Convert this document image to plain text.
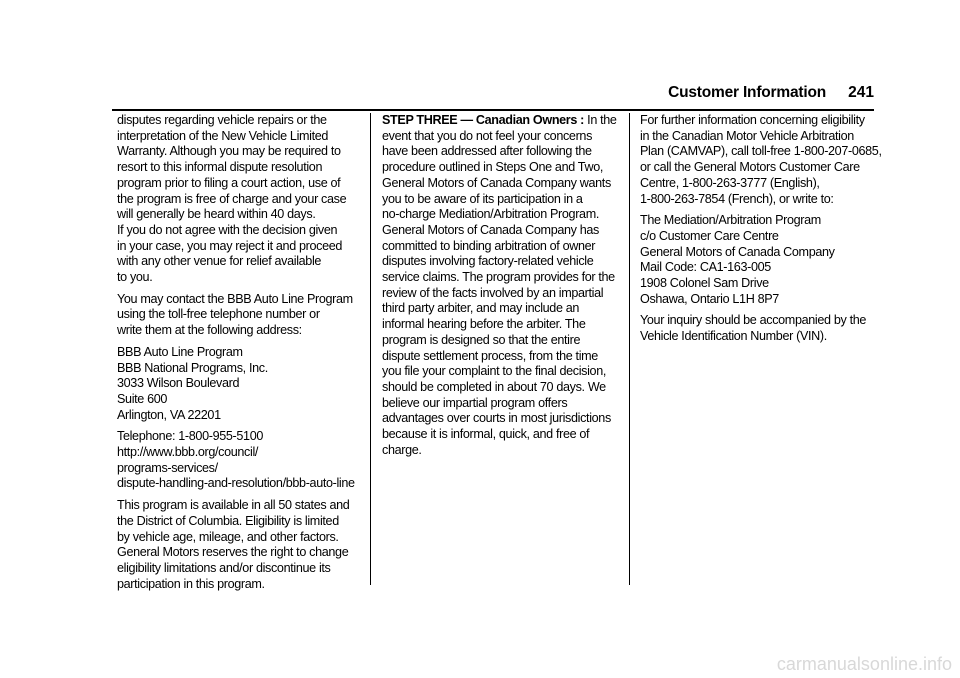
Customer Information 241

disputes regarding vehicle repairs or the
interpretation of the New Vehicle Limited
Warranty. Although you may be required to
resort to this informal dispute resolution
program prior to filing a court action, use of
the program is free of charge and your case
will generally be heard within 40 days.
If you do not agree with the decision given
in your case, you may reject it and proceed
with any other venue for relief available
to you.

You may contact the BBB Auto Line Program
using the toll-free telephone number or
write them at the following address:

BBB Auto Line Program
BBB National Programs, Inc.
3033 Wilson Boulevard
Suite 600
Arlington, VA 22201
Telephone: 1-800-955-5100
http://www.bbb.org/council/
programs-services/
dispute-handling-and-resolution/bbb-auto-line

This program is available in all 50 states and
the District of Columbia. Eligibility is limited
by vehicle age, mileage, and other factors.
General Motors reserves the right to change
eligibility limitations and/or discontinue its
participation in this program.

STEP THREE — Canadian Owners : In the
event that you do not feel your concerns
have been addressed after following the
procedure outlined in Steps One and Two,
General Motors of Canada Company wants
you to be aware of its participation in a
no-charge Mediation/Arbitration Program.
General Motors of Canada Company has
committed to binding arbitration of owner
disputes involving factory-related vehicle
service claims. The program provides for the
review of the facts involved by an impartial
third party arbiter, and may include an
informal hearing before the arbiter. The
program is designed so that the entire
dispute settlement process, from the time
you file your complaint to the final decision,
should be completed in about 70 days. We
believe our impartial program offers
advantages over courts in most jurisdictions
because it is informal, quick, and free of
charge.

For further information concerning eligibility
in the Canadian Motor Vehicle Arbitration
Plan (CAMVAP), call toll-free 1-800-207-0685,
or call the General Motors Customer Care
Centre, 1-800-263-3777 (English),
1-800-263-7854 (French), or write to:

The Mediation/Arbitration Program
c/o Customer Care Centre
General Motors of Canada Company
Mail Code: CA1-163-005
1908 Colonel Sam Drive
Oshawa, Ontario L1H 8P7

Your inquiry should be accompanied by the
Vehicle Identification Number (VIN).

carmanualsonline.info
